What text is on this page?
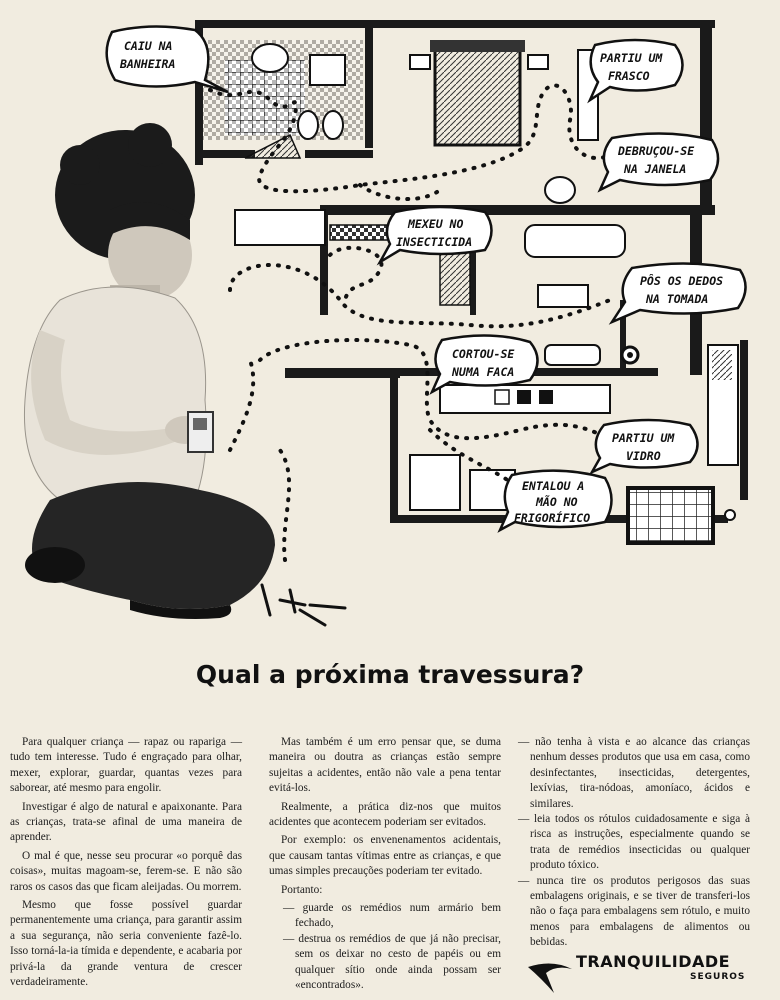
CAIU NA
BANHEIRA	PARTIU UM
FRASCO
DEBRUÇOU-SE
NA JANELA
MEXEU NO
INSECTICIDA
PÔS OS DEDOS
NA TOMADA
CORTOU-SE
NUMA FACA
PARTIU UM
VIDRO
ENTALOU A
MÃO NO
FRIGORÍFICO
Qual a próxima travessura?

Para qualquer criança — rapaz ou rapariga — tudo tem interesse. Tudo é engraçado para olhar, mexer, explorar, guardar, quantas vezes para saborear, até mesmo para engolir.

Investigar é algo de natural e apaixonante. Para as crianças, trata-se afinal de uma maneira de aprender.

O mal é que, nesse seu procurar «o porquê das coisas», muitas magoam-se, ferem-se. E não são raros os casos das que ficam aleijadas. Ou morrem.

Mesmo que fosse possível guardar permanentemente uma criança, para garantir assim a sua segurança, não seria conveniente fazê-lo. Isso torná-la-ia tímida e dependente, e acabaria por privá-la da grande ventura de crescer verdadeiramente.

Mas também é um erro pensar que, se duma maneira ou doutra as crianças estão sempre sujeitas a acidentes, então não vale a pena tentar evitá-los.

Realmente, a prática diz-nos que muitos acidentes que acontecem poderiam ser evitados.

Por exemplo: os envenenamentos acidentais, que causam tantas vítimas entre as crianças, e que umas simples precauções poderiam ter evitado.

Portanto:

— guarde os remédios num armário bem fechado,

— destrua os remédios de que já não precisar, sem os deixar no cesto de papéis ou em qualquer sítio onde ainda possam ser «encontrados».

— não tenha à vista e ao alcance das crianças nenhum desses produtos que usa em casa, como desinfectantes, insecticidas, detergentes, lexívias, tira-nódoas, amoníaco, ácidos e similares.

— leia todos os rótulos cuidadosamente e siga à risca as instruções, especialmente quando se trata de remédios insecticidas ou qualquer produto tóxico.

— nunca tire os produtos perigosos das suas embalagens originais, e se tiver de transferi-los não o faça para embalagens sem rótulo, e muito menos para embalagens de alimentos ou bebidas.

TRANQUILIDADE
SEGUROS
